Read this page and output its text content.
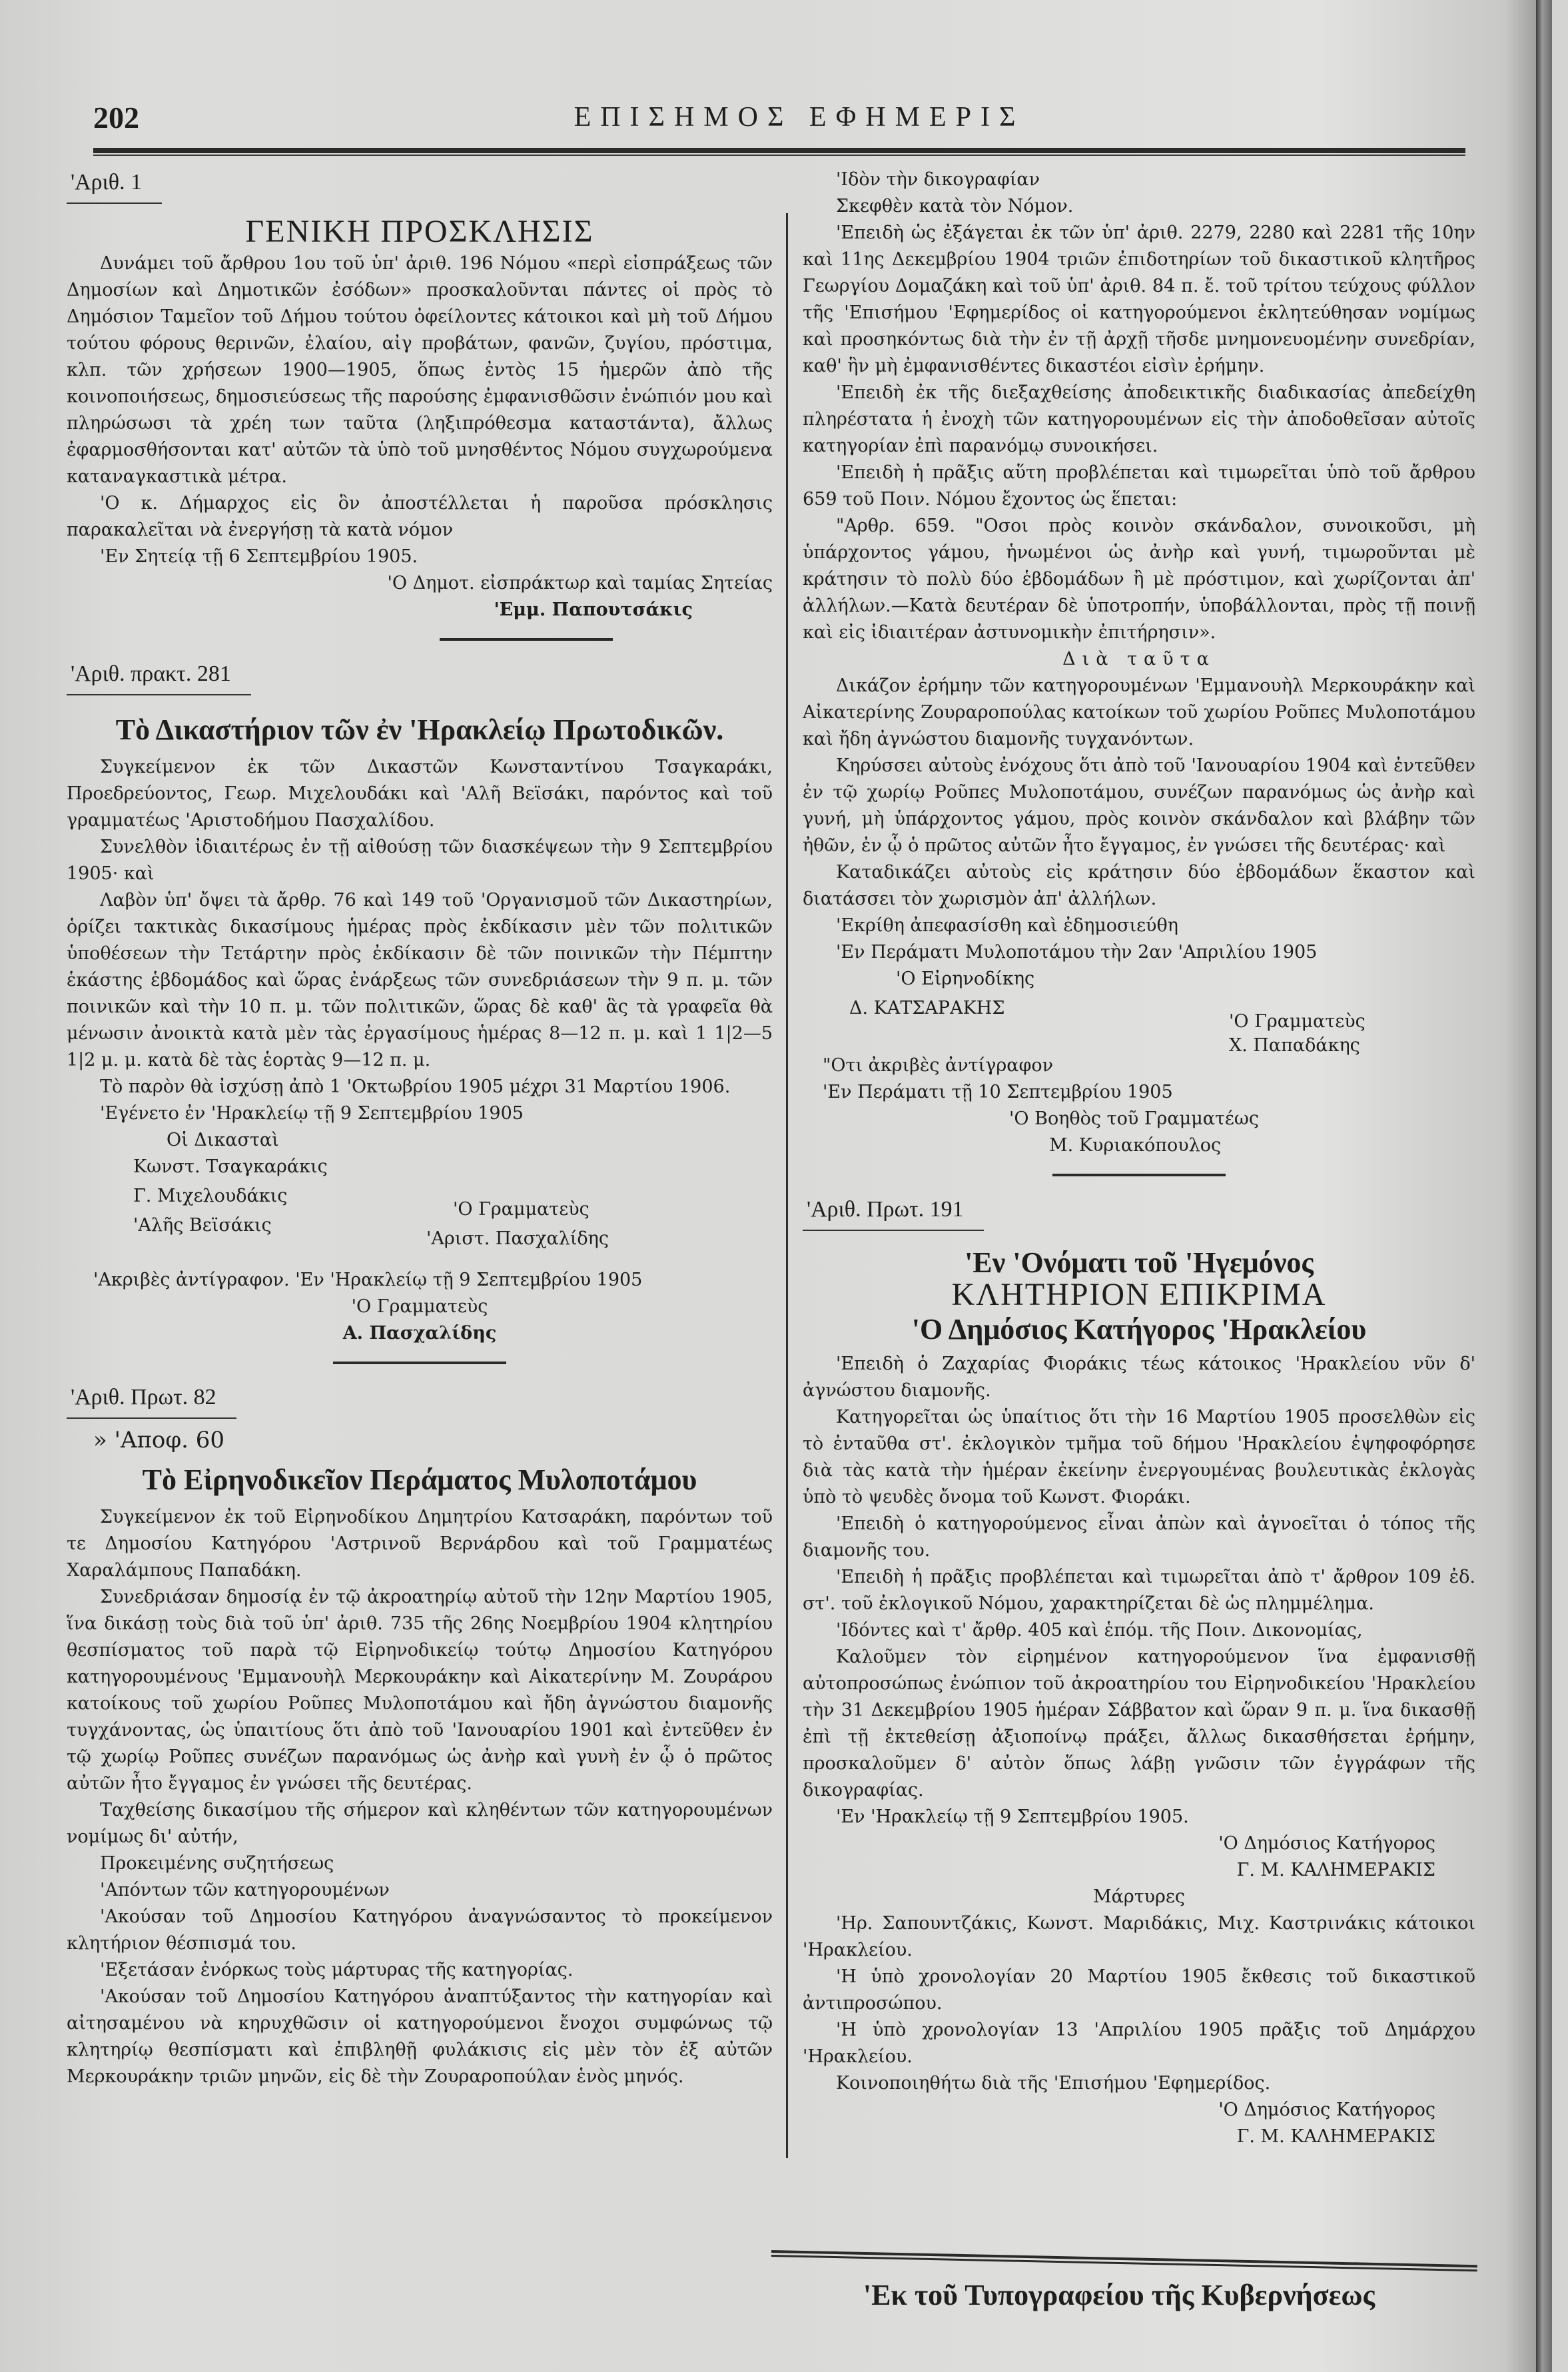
202	ΕΠΙΣΗΜΟΣ ΕΦΗΜΕΡΙΣ
'Αριθ. 1
ΓΕΝΙΚΗ ΠΡΟΣΚΛΗΣΙΣ

Δυνάμει τοῦ ἄρθρου 1ου τοῦ ὑπ' ἀριθ. 196 Νόμου «περὶ εἰσπράξεως τῶν Δημοσίων καὶ Δημοτικῶν ἐσόδων» προσκαλοῦνται πάντες οἱ πρὸς τὸ Δημόσιον Ταμεῖον τοῦ Δήμου τούτου ὀφείλοντες κάτοικοι καὶ μὴ τοῦ Δήμου τούτου φόρους θερινῶν, ἐλαίου, αἰγ προβάτων, φανῶν, ζυγίου, πρόστιμα, κλπ. τῶν χρήσεων 1900—1905, ὅπως ἐντὸς 15 ἡμερῶν ἀπὸ τῆς κοινοποιήσεως, δημοσιεύσεως τῆς παρούσης ἐμφανισθῶσιν ἐνώπιόν μου καὶ πληρώσωσι τὰ χρέη των ταῦτα (ληξιπρόθεσμα καταστάντα), ἄλλως ἐφαρμοσθήσονται κατ' αὐτῶν τὰ ὑπὸ τοῦ μνησθέντος Νόμου συγχωρούμενα καταναγκαστικὰ μέτρα.

'Ο κ. Δήμαρχος εἰς ὃν ἀποστέλλεται ἡ παροῦσα πρόσκλησις παρακαλεῖται νὰ ἐνεργήσῃ τὰ κατὰ νόμον

'Εν Σητείᾳ τῇ 6 Σεπτεμβρίου 1905.

'Ο Δημοτ. εἰσπράκτωρ καὶ ταμίας Σητείας
'Εμμ. Παπουτσάκις
'Αριθ. πρακτ. 281
Τὸ Δικαστήριον τῶν ἐν 'Ηρακλείῳ Πρωτοδικῶν.

Συγκείμενον ἐκ τῶν Δικαστῶν Κωνσταντίνου Τσαγκαράκι, Προεδρεύοντος, Γεωρ. Μιχελουδάκι καὶ 'Αλῆ Βεϊσάκι, παρόντος καὶ τοῦ γραμματέως 'Αριστοδήμου Πασχαλίδου.

Συνελθὸν ἰδιαιτέρως ἐν τῇ αἰθούσῃ τῶν διασκέψεων τὴν 9 Σεπτεμβρίου 1905· καὶ

Λαβὸν ὑπ' ὄψει τὰ ἄρθρ. 76 καὶ 149 τοῦ 'Οργανισμοῦ τῶν Δικαστηρίων, ὁρίζει τακτικὰς δικασίμους ἡμέρας πρὸς ἐκδίκασιν μὲν τῶν πολιτικῶν ὑποθέσεων τὴν Τετάρτην πρὸς ἐκδίκασιν δὲ τῶν ποινικῶν τὴν Πέμπτην ἑκάστης ἑβδομάδος καὶ ὥρας ἐνάρξεως τῶν συνεδριάσεων τὴν 9 π. μ. τῶν ποινικῶν καὶ τὴν 10 π. μ. τῶν πολιτικῶν, ὥρας δὲ καθ' ἃς τὰ γραφεῖα θὰ μένωσιν ἀνοικτὰ κατὰ μὲν τὰς ἐργασίμους ἡμέρας 8—12 π. μ. καὶ 1 1|2—5 1|2 μ. μ. κατὰ δὲ τὰς ἑορτὰς 9—12 π. μ.

Τὸ παρὸν θὰ ἰσχύσῃ ἀπὸ 1 'Οκτωβρίου 1905 μέχρι 31 Μαρτίου 1906.

'Εγένετο ἐν 'Ηρακλείῳ τῇ 9 Σεπτεμβρίου 1905

Οἱ Δικασταὶ
Κωνστ. Τσαγκαράκις
Γ. Μιχελουδάκις
'Αλῆς Βεϊσάκις
'Ο Γραμματεὺς
'Αριστ. Πασχαλίδης
'Ακριβὲς ἀντίγραφον. 'Εν 'Ηρακλείῳ τῇ 9 Σεπτεμβρίου 1905
'Ο Γραμματεὺς
Α. Πασχαλίδης
'Αριθ. Πρωτ. 82
» 'Αποφ. 60
Τὸ Εἰρηνοδικεῖον Περάματος Μυλοποτάμου

Συγκείμενον ἐκ τοῦ Εἰρηνοδίκου Δημητρίου Κατσαράκη, παρόντων τοῦ τε Δημοσίου Κατηγόρου 'Αστρινοῦ Βερνάρδου καὶ τοῦ Γραμματέως Χαραλάμπους Παπαδάκη.

Συνεδριάσαν δημοσίᾳ ἐν τῷ ἀκροατηρίῳ αὐτοῦ τὴν 12ην Μαρτίου 1905, ἵνα δικάσῃ τοὺς διὰ τοῦ ὑπ' ἀριθ. 735 τῆς 26ης Νοεμβρίου 1904 κλητηρίου θεσπίσματος τοῦ παρὰ τῷ Εἰρηνοδικείῳ τούτῳ Δημοσίου Κατηγόρου κατηγορουμένους 'Εμμανουὴλ Μερκουράκην καὶ Αἰκατερίνην Μ. Ζουράρου κατοίκους τοῦ χωρίου Ροῦπες Μυλοποτάμου καὶ ἤδη ἀγνώστου διαμονῆς τυγχάνοντας, ὡς ὑπαιτίους ὅτι ἀπὸ τοῦ 'Ιανουαρίου 1901 καὶ ἐντεῦθεν ἐν τῷ χωρίῳ Ροῦπες συνέζων παρανόμως ὡς ἀνὴρ καὶ γυνὴ ἐν ᾧ ὁ πρῶτος αὐτῶν ἦτο ἔγγαμος ἐν γνώσει τῆς δευτέρας.

Ταχθείσης δικασίμου τῆς σήμερον καὶ κληθέντων τῶν κατηγορουμένων νομίμως δι' αὐτήν,

Προκειμένης συζητήσεως

'Απόντων τῶν κατηγορουμένων

'Ακούσαν τοῦ Δημοσίου Κατηγόρου ἀναγνώσαντος τὸ προκείμενον κλητήριον θέσπισμά του.

'Εξετάσαν ἐνόρκως τοὺς μάρτυρας τῆς κατηγορίας.

'Ακούσαν τοῦ Δημοσίου Κατηγόρου ἀναπτύξαντος τὴν κατηγορίαν καὶ αἰτησαμένου νὰ κηρυχθῶσιν οἱ κατηγορούμενοι ἔνοχοι συμφώνως τῷ κλητηρίῳ θεσπίσματι καὶ ἐπιβληθῇ φυλάκισις εἰς μὲν τὸν ἐξ αὐτῶν Μερκουράκην τριῶν μηνῶν, εἰς δὲ τὴν Ζουραροπούλαν ἑνὸς μηνός.

'Ιδὸν τὴν δικογραφίαν

Σκεφθὲν κατὰ τὸν Νόμον.

'Επειδὴ ὡς ἐξάγεται ἐκ τῶν ὑπ' ἀριθ. 2279, 2280 καὶ 2281 τῆς 10ην καὶ 11ης Δεκεμβρίου 1904 τριῶν ἐπιδοτηρίων τοῦ δικαστικοῦ κλητῆρος Γεωργίου Δομαζάκη καὶ τοῦ ὑπ' ἀριθ. 84 π. ἔ. τοῦ τρίτου τεύχους φύλλον τῆς 'Επισήμου 'Εφημερίδος οἱ κατηγορούμενοι ἐκλητεύθησαν νομίμως καὶ προσηκόντως διὰ τὴν ἐν τῇ ἀρχῇ τῆσδε μνημονευομένην συνεδρίαν, καθ' ἣν μὴ ἐμφανισθέντες δικαστέοι εἰσὶν ἐρήμην.

'Επειδὴ ἐκ τῆς διεξαχθείσης ἀποδεικτικῆς διαδικασίας ἀπεδείχθη πληρέστατα ἡ ἐνοχὴ τῶν κατηγορουμένων εἰς τὴν ἀποδοθεῖσαν αὐτοῖς κατηγορίαν ἐπὶ παρανόμῳ συνοικήσει.

'Επειδὴ ἡ πρᾶξις αὕτη προβλέπεται καὶ τιμωρεῖται ὑπὸ τοῦ ἄρθρου 659 τοῦ Ποιν. Νόμου ἔχοντος ὡς ἕπεται:

"Αρθρ. 659. "Οσοι πρὸς κοινὸν σκάνδαλον, συνοικοῦσι, μὴ ὑπάρχοντος γάμου, ἡνωμένοι ὡς ἀνὴρ καὶ γυνή, τιμωροῦνται μὲ κράτησιν τὸ πολὺ δύο ἑβδομάδων ἢ μὲ πρόστιμον, καὶ χωρίζονται ἀπ' ἀλλήλων.—Κατὰ δευτέραν δὲ ὑποτροπήν, ὑποβάλλονται, πρὸς τῇ ποινῇ καὶ εἰς ἰδιαιτέραν ἀστυνομικὴν ἐπιτήρησιν».

Διὰ ταῦτα

Δικάζον ἐρήμην τῶν κατηγορουμένων 'Εμμανουὴλ Μερκουράκην καὶ Αἰκατερίνης Ζουραροπούλας κατοίκων τοῦ χωρίου Ροῦπες Μυλοποτάμου καὶ ἤδη ἀγνώστου διαμονῆς τυγχανόντων.

Κηρύσσει αὐτοὺς ἐνόχους ὅτι ἀπὸ τοῦ 'Ιανουαρίου 1904 καὶ ἐντεῦθεν ἐν τῷ χωρίῳ Ροῦπες Μυλοποτάμου, συνέζων παρανόμως ὡς ἀνὴρ καὶ γυνή, μὴ ὑπάρχοντος γάμου, πρὸς κοινὸν σκάνδαλον καὶ βλάβην τῶν ἠθῶν, ἐν ᾧ ὁ πρῶτος αὐτῶν ἦτο ἔγγαμος, ἐν γνώσει τῆς δευτέρας· καὶ

Καταδικάζει αὐτοὺς εἰς κράτησιν δύο ἑβδομάδων ἕκαστον καὶ διατάσσει τὸν χωρισμὸν ἀπ' ἀλλήλων.

'Εκρίθη ἀπεφασίσθη καὶ ἐδημοσιεύθη

'Εν Περάματι Μυλοποτάμου τὴν 2αν 'Απριλίου 1905

'Ο Εἰρηνοδίκης
Δ. ΚΑΤΣΑΡΑΚΗΣ
'Ο Γραμματεὺς
Χ. Παπαδάκης
"Οτι ἀκριβὲς ἀντίγραφον
'Εν Περάματι τῇ 10 Σεπτεμβρίου 1905
'Ο Βοηθὸς τοῦ Γραμματέως
Μ. Κυριακόπουλος
'Αριθ. Πρωτ. 191
'Εν 'Ονόματι τοῦ 'Ηγεμόνος
ΚΛΗΤΗΡΙΟΝ ΕΠΙΚΡΙΜΑ
'Ο Δημόσιος Κατήγορος 'Ηρακλείου

'Επειδὴ ὁ Ζαχαρίας Φιοράκις τέως κάτοικος 'Ηρακλείου νῦν δ' ἀγνώστου διαμονῆς.

Κατηγορεῖται ὡς ὑπαίτιος ὅτι τὴν 16 Μαρτίου 1905 προσελθὼν εἰς τὸ ἐνταῦθα στ'. ἐκλογικὸν τμῆμα τοῦ δήμου 'Ηρακλείου ἐψηφοφόρησε διὰ τὰς κατὰ τὴν ἡμέραν ἐκείνην ἐνεργουμένας βουλευτικὰς ἐκλογὰς ὑπὸ τὸ ψευδὲς ὄνομα τοῦ Κωνστ. Φιοράκι.

'Επειδὴ ὁ κατηγορούμενος εἶναι ἀπὼν καὶ ἀγνοεῖται ὁ τόπος τῆς διαμονῆς του.

'Επειδὴ ἡ πρᾶξις προβλέπεται καὶ τιμωρεῖται ἀπὸ τ' ἄρθρον 109 ἐδ. στ'. τοῦ ἐκλογικοῦ Νόμου, χαρακτηρίζεται δὲ ὡς πλημμέλημα.

'Ιδόντες καὶ τ' ἄρθρ. 405 καὶ ἑπόμ. τῆς Ποιν. Δικονομίας,

Καλοῦμεν τὸν εἰρημένον κατηγορούμενον ἵνα ἐμφανισθῇ αὐτοπροσώπως ἐνώπιον τοῦ ἀκροατηρίου του Εἰρηνοδικείου 'Ηρακλείου τὴν 31 Δεκεμβρίου 1905 ἡμέραν Σάββατον καὶ ὥραν 9 π. μ. ἵνα δικασθῇ ἐπὶ τῇ ἐκτεθείσῃ ἀξιοποίνῳ πράξει, ἄλλως δικασθήσεται ἐρήμην, προσκαλοῦμεν δ' αὐτὸν ὅπως λάβῃ γνῶσιν τῶν ἐγγράφων τῆς δικογραφίας.

'Εν 'Ηρακλείῳ τῇ 9 Σεπτεμβρίου 1905.

'Ο Δημόσιος Κατήγορος
Γ. Μ. ΚΑΛΗΜΕΡΑΚΙΣ
Μάρτυρες

'Ηρ. Σαπουντζάκις, Κωνστ. Μαριδάκις, Μιχ. Καστρινάκις κάτοικοι 'Ηρακλείου.

'Η ὑπὸ χρονολογίαν 20 Μαρτίου 1905 ἔκθεσις τοῦ δικαστικοῦ ἀντιπροσώπου.

'Η ὑπὸ χρονολογίαν 13 'Απριλίου 1905 πρᾶξις τοῦ Δημάρχου 'Ηρακλείου.

Κοινοποιηθήτω διὰ τῆς 'Επισήμου 'Εφημερίδος.

'Ο Δημόσιος Κατήγορος
Γ. Μ. ΚΑΛΗΜΕΡΑΚΙΣ
'Εκ τοῦ Τυπογραφείου τῆς Κυβερνήσεως
